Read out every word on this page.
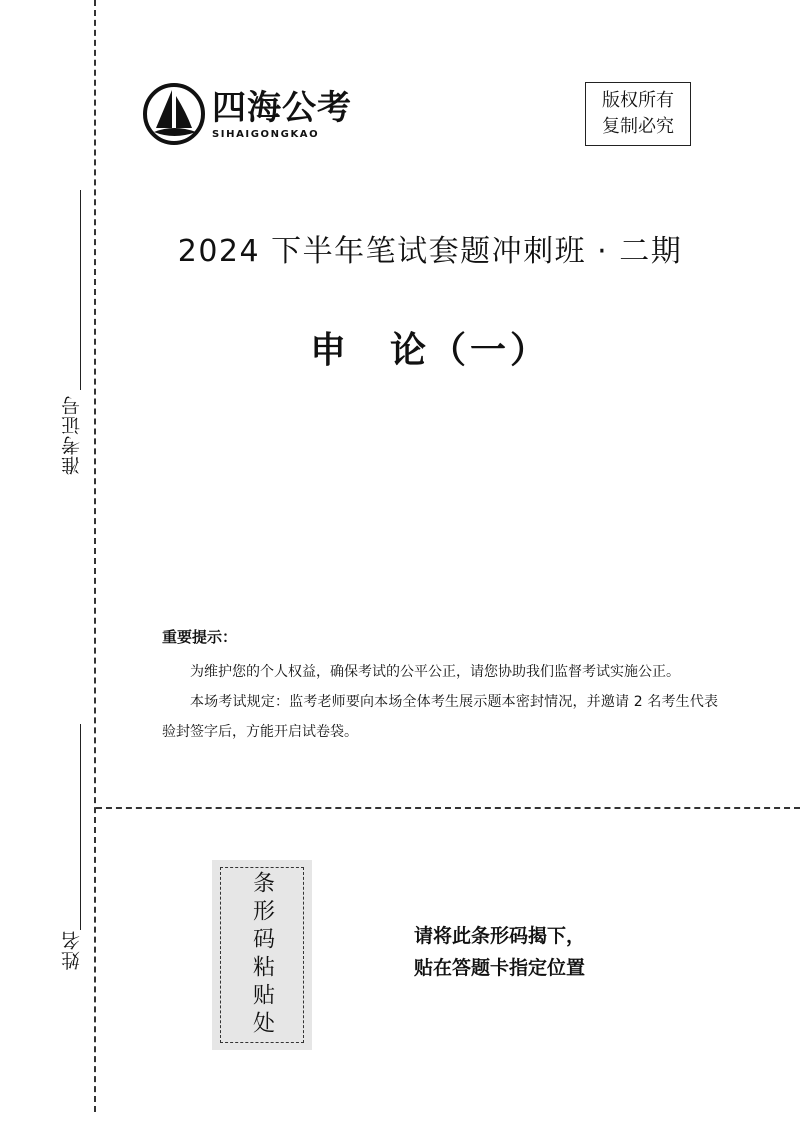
准考证号
姓名
四海公考
SIHAIGONGKAO
版权所有
复制必究
2024 下半年笔试套题冲刺班 · 二期
申　论（一）
重要提示：

为维护您的个人权益，确保考试的公平公正，请您协助我们监督考试实施公正。

本场考试规定：监考老师要向本场全体考生展示题本密封情况，并邀请 2 名考生代表验封签字后，方能开启试卷袋。

条形码粘贴处	请将此条形码揭下，
贴在答题卡指定位置
